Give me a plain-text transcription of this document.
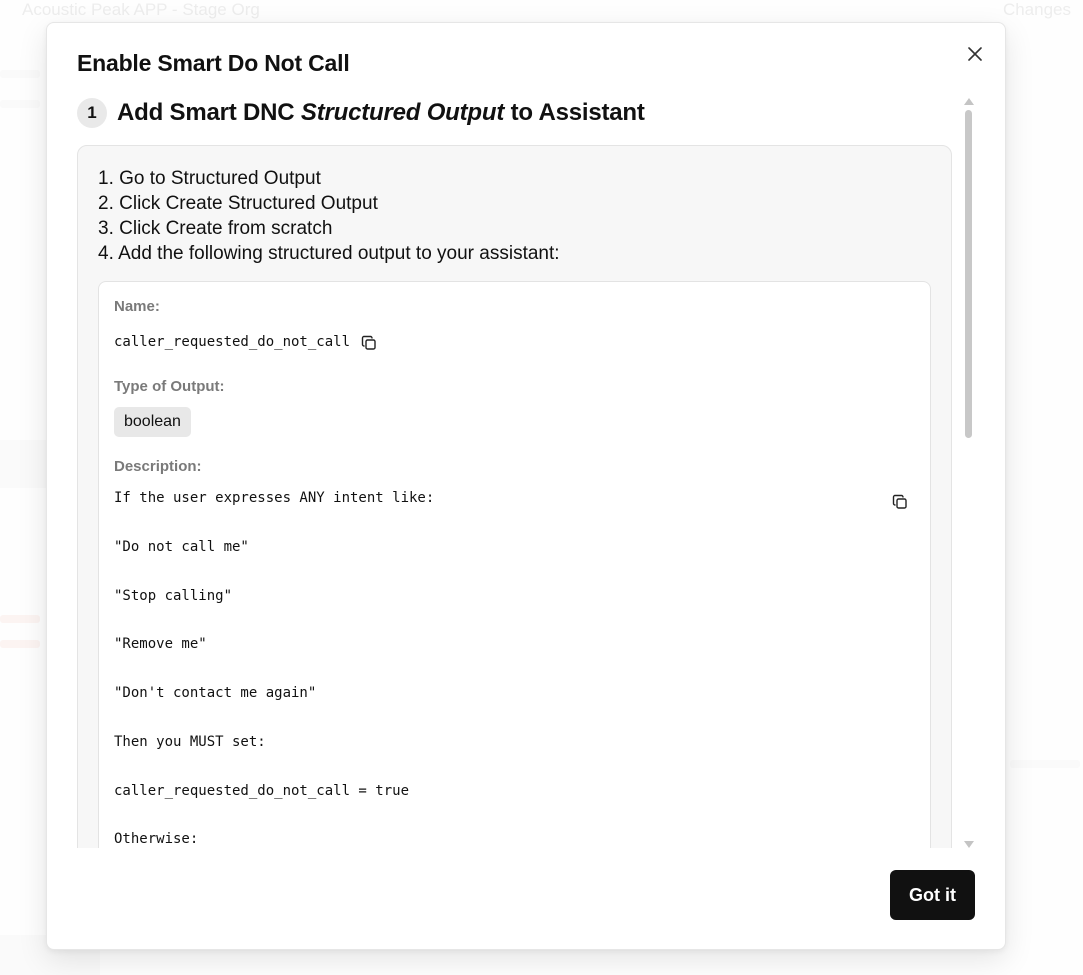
Enable Smart Do Not Call
1 Add Smart DNC Structured Output to Assistant
1. Go to Structured Output
2. Click Create Structured Output
3. Click Create from scratch
4. Add the following structured output to your assistant:
Name:
caller_requested_do_not_call
Type of Output:
boolean
Description:
If the user expresses ANY intent like:
"Do not call me"
"Stop calling"
"Remove me"
"Don't contact me again"
Then you MUST set:
caller_requested_do_not_call = true
Otherwise:
Got it
